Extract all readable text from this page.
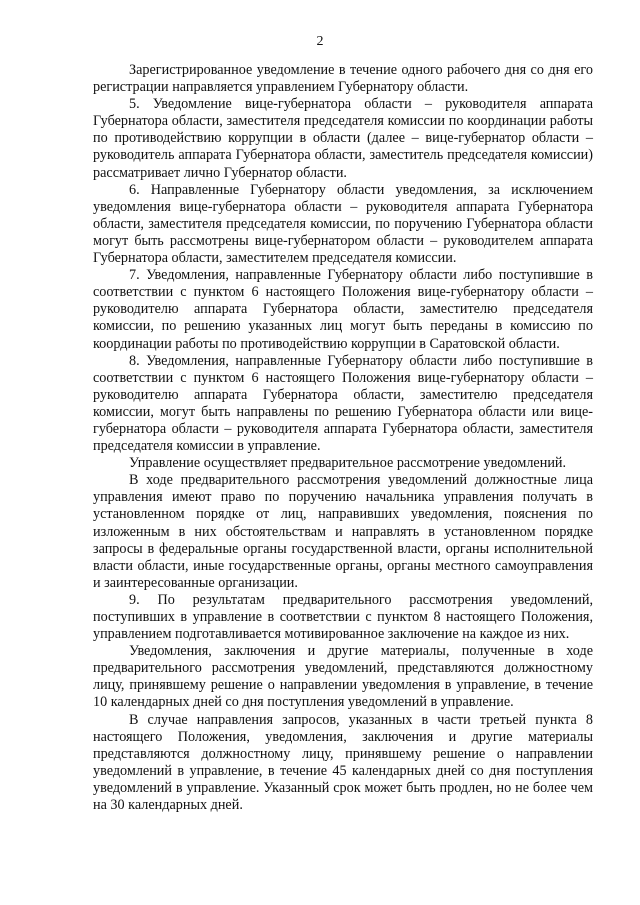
2

Зарегистрированное уведомление в течение одного рабочего дня со дня его регистрации направляется управлением Губернатору области.

5. Уведомление вице-губернатора области – руководителя аппарата Губернатора области, заместителя председателя комиссии по координации работы по противодействию коррупции в области (далее – вице-губернатор области – руководитель аппарата Губернатора области, заместитель председателя комиссии) рассматривает лично Губернатор области.

6. Направленные Губернатору области уведомления, за исключением уведомления вице-губернатора области – руководителя аппарата Губернатора области, заместителя председателя комиссии, по поручению Губернатора области могут быть рассмотрены вице-губернатором области – руководителем аппарата Губернатора области, заместителем председателя комиссии.

7. Уведомления, направленные Губернатору области либо поступившие в соответствии с пунктом 6 настоящего Положения вице-губернатору области – руководителю аппарата Губернатора области, заместителю председателя комиссии, по решению указанных лиц могут быть переданы в комиссию по координации работы по противодействию коррупции в Саратовской области.

8. Уведомления, направленные Губернатору области либо поступившие в соответствии с пунктом 6 настоящего Положения вице-губернатору области – руководителю аппарата Губернатора области, заместителю председателя комиссии, могут быть направлены по решению Губернатора области или вице-губернатора области – руководителя аппарата Губернатора области, заместителя председателя комиссии в управление.

Управление осуществляет предварительное рассмотрение уведомлений.

В ходе предварительного рассмотрения уведомлений должностные лица управления имеют право по поручению начальника управления получать в установленном порядке от лиц, направивших уведомления, пояснения по изложенным в них обстоятельствам и направлять в установленном порядке запросы в федеральные органы государственной власти, органы исполнительной власти области, иные государственные органы, органы местного самоуправления и заинтересованные организации.

9. По результатам предварительного рассмотрения уведомлений, поступивших в управление в соответствии с пунктом 8 настоящего Положения, управлением подготавливается мотивированное заключение на каждое из них.

Уведомления, заключения и другие материалы, полученные в ходе предварительного рассмотрения уведомлений, представляются должностному лицу, принявшему решение о направлении уведомления в управление, в течение 10 календарных дней со дня поступления уведомлений в управление.

В случае направления запросов, указанных в части третьей пункта 8 настоящего Положения, уведомления, заключения и другие материалы представляются должностному лицу, принявшему решение о направлении уведомлений в управление, в течение 45 календарных дней со дня поступления уведомлений в управление. Указанный срок может быть продлен, но не более чем на 30 календарных дней.
